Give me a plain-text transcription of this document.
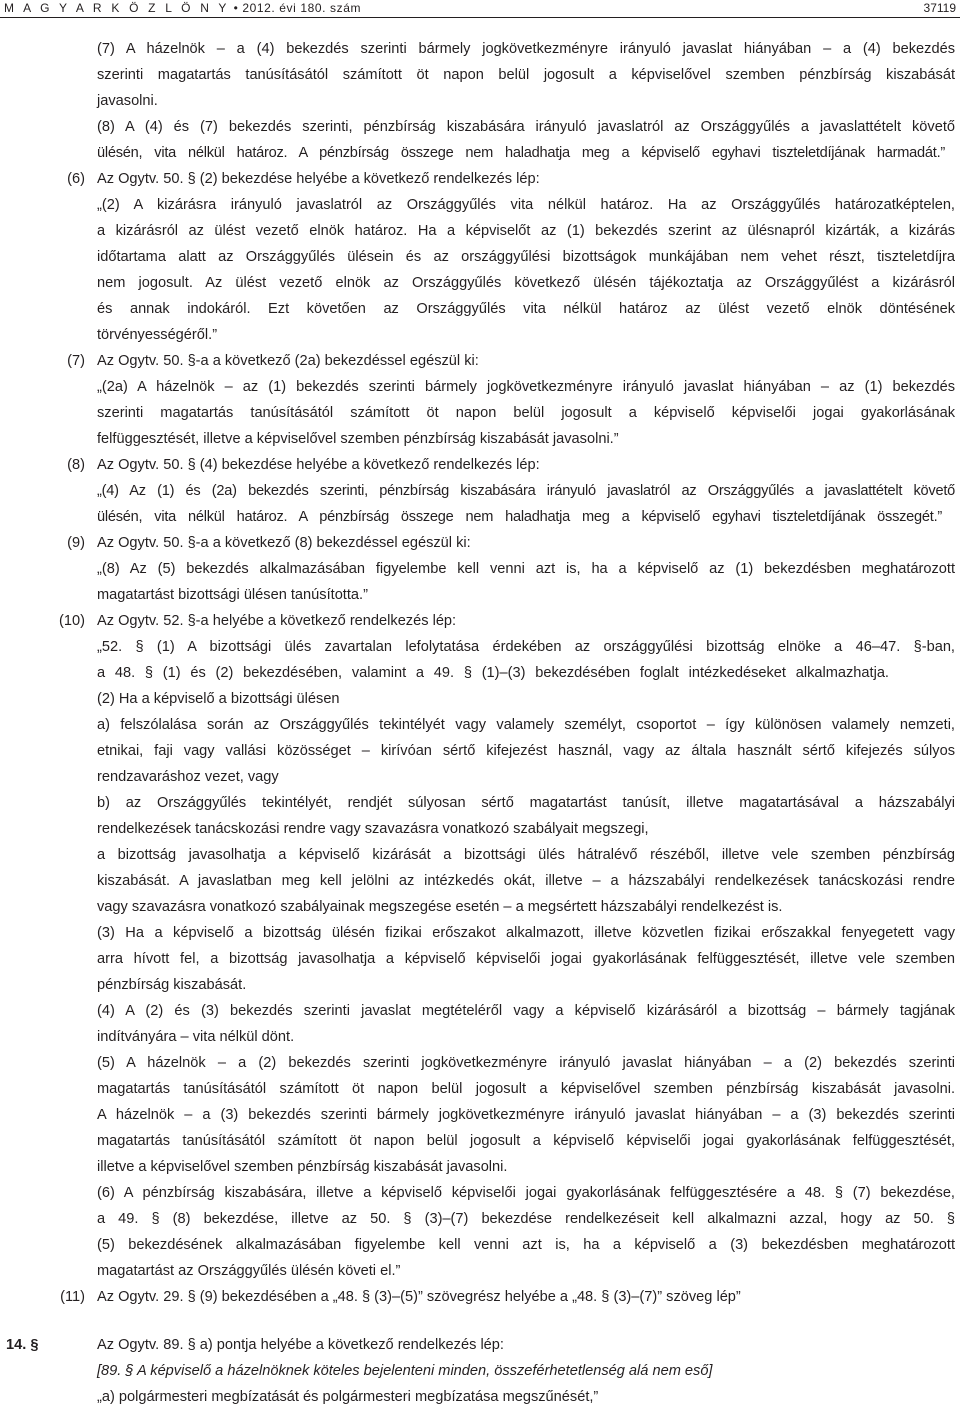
M A G Y A R K Ö Z L Ö N Y • 2012. évi 180. szám	37119
(7) A házelnök – a (4) bekezdés szerinti bármely jogkövetkezményre irányuló javaslat hiányában – a (4) bekezdés
szerinti magatartás tanúsításától számított öt napon belül jogosult a képviselővel szemben pénzbírság kiszabását
javasolni.
(8) A (4) és (7) bekezdés szerinti, pénzbírság kiszabására irányuló javaslatról az Országgyűlés a javaslattételt követő
ülésén, vita nélkül határoz. A pénzbírság összege nem haladhatja meg a képviselő egyhavi tiszteletdíjának harmadát.”
(6) Az Ogytv. 50. § (2) bekezdése helyébe a következő rendelkezés lép:
„(2) A kizárásra irányuló javaslatról az Országgyűlés vita nélkül határoz. Ha az Országgyűlés határozatképtelen,
a kizárásról az ülést vezető elnök határoz. Ha a képviselőt az (1) bekezdés szerint az ülésnapról kizárták, a kizárás
időtartama alatt az Országgyűlés ülésein és az országgyűlési bizottságok munkájában nem vehet részt, tiszteletdíjra
nem jogosult. Az ülést vezető elnök az Országgyűlés következő ülésén tájékoztatja az Országgyűlést a kizárásról
és annak indokáról. Ezt követően az Országgyűlés vita nélkül határoz az ülést vezető elnök döntésének
törvényességéről.”
(7) Az Ogytv. 50. §-a a következő (2a) bekezdéssel egészül ki:
„(2a) A házelnök – az (1) bekezdés szerinti bármely jogkövetkezményre irányuló javaslat hiányában – az (1) bekezdés
szerinti magatartás tanúsításától számított öt napon belül jogosult a képviselő képviselői jogai gyakorlásának
felfüggesztését, illetve a képviselővel szemben pénzbírság kiszabását javasolni.”
(8) Az Ogytv. 50. § (4) bekezdése helyébe a következő rendelkezés lép:
„(4) Az (1) és (2a) bekezdés szerinti, pénzbírság kiszabására irányuló javaslatról az Országgyűlés a javaslattételt követő
ülésén, vita nélkül határoz. A pénzbírság összege nem haladhatja meg a képviselő egyhavi tiszteletdíjának összegét.”
(9) Az Ogytv. 50. §-a a következő (8) bekezdéssel egészül ki:
„(8) Az (5) bekezdés alkalmazásában figyelembe kell venni azt is, ha a képviselő az (1) bekezdésben meghatározott
magatartást bizottsági ülésen tanúsította.”
(10) Az Ogytv. 52. §-a helyébe a következő rendelkezés lép:
„52. § (1) A bizottsági ülés zavartalan lefolytatása érdekében az országgyűlési bizottság elnöke a 46–47. §-ban,
a 48. § (1) és (2) bekezdésében, valamint a 49. § (1)–(3) bekezdésében foglalt intézkedéseket alkalmazhatja.
(2) Ha a képviselő a bizottsági ülésen
a) felszólalása során az Országgyűlés tekintélyét vagy valamely személyt, csoportot – így különösen valamely nemzeti,
etnikai, faji vagy vallási közösséget – kirívóan sértő kifejezést használ, vagy az általa használt sértő kifejezés súlyos
rendzavaráshoz vezet, vagy
b) az Országgyűlés tekintélyét, rendjét súlyosan sértő magatartást tanúsít, illetve magatartásával a házszabályi
rendelkezések tanácskozási rendre vagy szavazásra vonatkozó szabályait megszegi,
a bizottság javasolhatja a képviselő kizárását a bizottsági ülés hátralévő részéből, illetve vele szemben pénzbírság
kiszabását. A javaslatban meg kell jelölni az intézkedés okát, illetve – a házszabályi rendelkezések tanácskozási rendre
vagy szavazásra vonatkozó szabályainak megszegése esetén – a megsértett házszabályi rendelkezést is.
(3) Ha a képviselő a bizottság ülésén fizikai erőszakot alkalmazott, illetve közvetlen fizikai erőszakkal fenyegetett vagy
arra hívott fel, a bizottság javasolhatja a képviselő képviselői jogai gyakorlásának felfüggesztését, illetve vele szemben
pénzbírság kiszabását.
(4) A (2) és (3) bekezdés szerinti javaslat megtételéről vagy a képviselő kizárásáról a bizottság – bármely tagjának
indítványára – vita nélkül dönt.
(5) A házelnök – a (2) bekezdés szerinti jogkövetkezményre irányuló javaslat hiányában – a (2) bekezdés szerinti
magatartás tanúsításától számított öt napon belül jogosult a képviselővel szemben pénzbírság kiszabását javasolni.
A házelnök – a (3) bekezdés szerinti bármely jogkövetkezményre irányuló javaslat hiányában – a (3) bekezdés szerinti
magatartás tanúsításától számított öt napon belül jogosult a képviselő képviselői jogai gyakorlásának felfüggesztését,
illetve a képviselővel szemben pénzbírság kiszabását javasolni.
(6) A pénzbírság kiszabására, illetve a képviselő képviselői jogai gyakorlásának felfüggesztésére a 48. § (7) bekezdése,
a 49. § (8) bekezdése, illetve az 50. § (3)–(7) bekezdése rendelkezéseit kell alkalmazni azzal, hogy az 50. §
(5) bekezdésének alkalmazásában figyelembe kell venni azt is, ha a képviselő a (3) bekezdésben meghatározott
magatartást az Országgyűlés ülésén követi el.”
(11) Az Ogytv. 29. § (9) bekezdésében a „48. § (3)–(5)” szövegrész helyébe a „48. § (3)–(7)” szöveg lép”
14. §	Az Ogytv. 89. § a) pontja helyébe a következő rendelkezés lép:
[89. § A képviselő a házelnöknek köteles bejelenteni minden, összeférhetetlenség alá nem eső]
„a) polgármesteri megbízatását és polgármesteri megbízatása megszűnését,”
